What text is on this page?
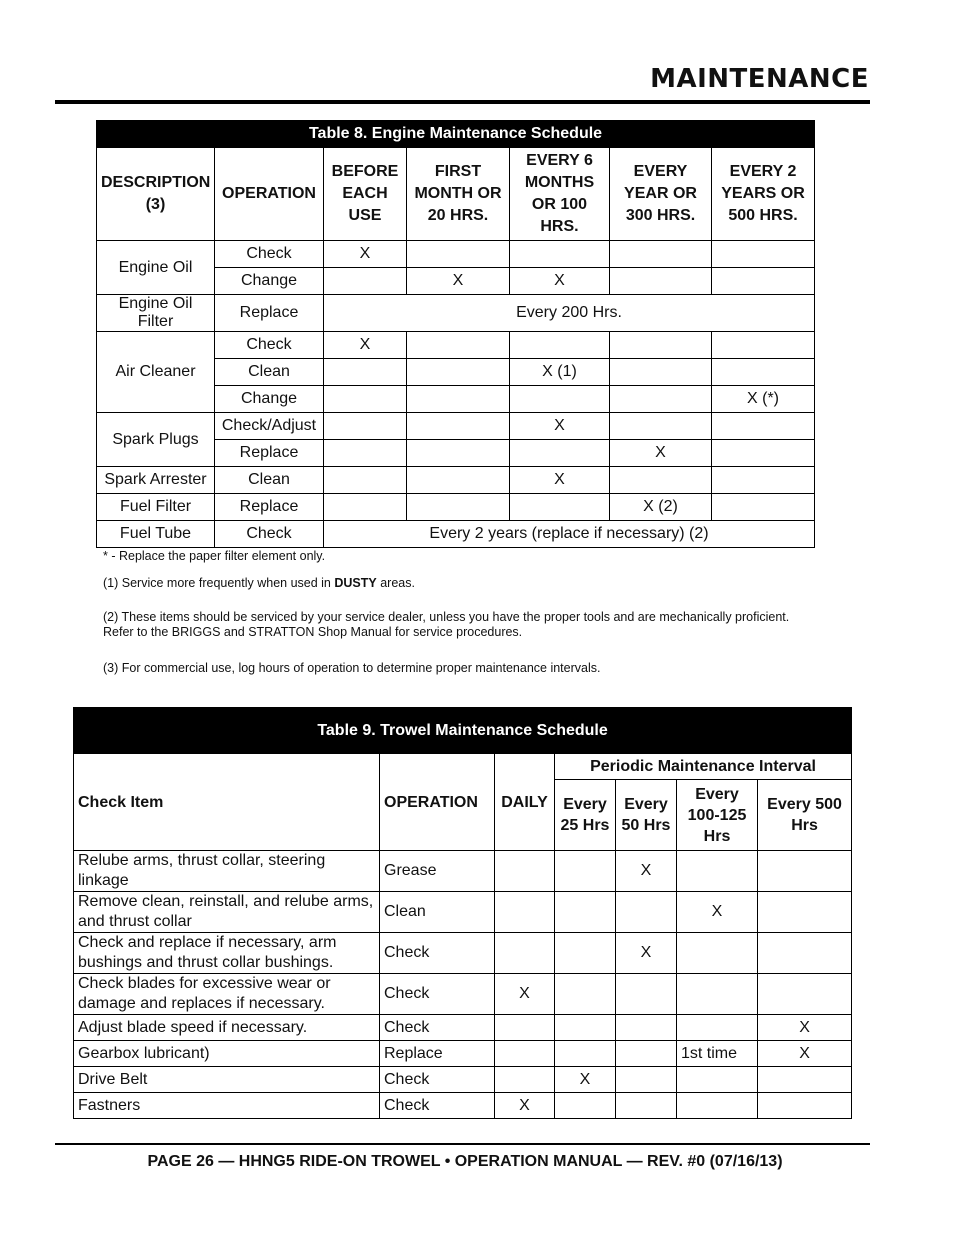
MAINTENANCE
Table 8. Engine Maintenance Schedule						
DESCRIPTION (3)	OPERATION	BEFORE EACH USE	FIRST MONTH OR 20 HRS.	EVERY 6 MONTHS OR 100 HRS.	EVERY YEAR OR 300 HRS.	EVERY 2 YEARS OR 500 HRS.
Engine Oil	Check	X				
	Change		X	X		
Engine Oil Filter	Replace	Every 200 Hrs.				
Air Cleaner	Check	X				
	Clean			X (1)		
	Change					X (*)
Spark Plugs	Check/Adjust			X		
	Replace				X	
Spark Arrester	Clean			X		
Fuel Filter	Replace				X (2)	
Fuel Tube	Check	Every 2 years (replace if necessary) (2)				
* - Replace the paper filter element only.
(1) Service more frequently when used in DUSTY areas.
(2) These items should be serviced by your service dealer, unless you have the proper tools and are mechanically proficient.
Refer to the BRIGGS and STRATTON Shop Manual for service procedures.
(3) For commercial use, log hours of operation to determine proper maintenance intervals.
Table 9. Trowel Maintenance Schedule						
Check Item	OPERATION	DAILY	Periodic Maintenance Interval			
			Every 25 Hrs	Every 50 Hrs	Every 100-125 Hrs	Every 500 Hrs
Relube arms, thrust collar, steering linkage	Grease			X		
Remove clean, reinstall, and relube arms, and thrust collar	Clean				X	
Check and replace if necessary, arm bushings and thrust collar bushings.	Check			X		
Check blades for excessive wear or damage and replaces if necessary.	Check	X				
Adjust blade speed if necessary.	Check					X
Gearbox lubricant)	Replace				1st time	X
Drive Belt	Check		X			
Fastners	Check	X				
PAGE 26 — HHNG5 RIDE-ON TROWEL • OPERATION MANUAL — REV. #0 (07/16/13)
